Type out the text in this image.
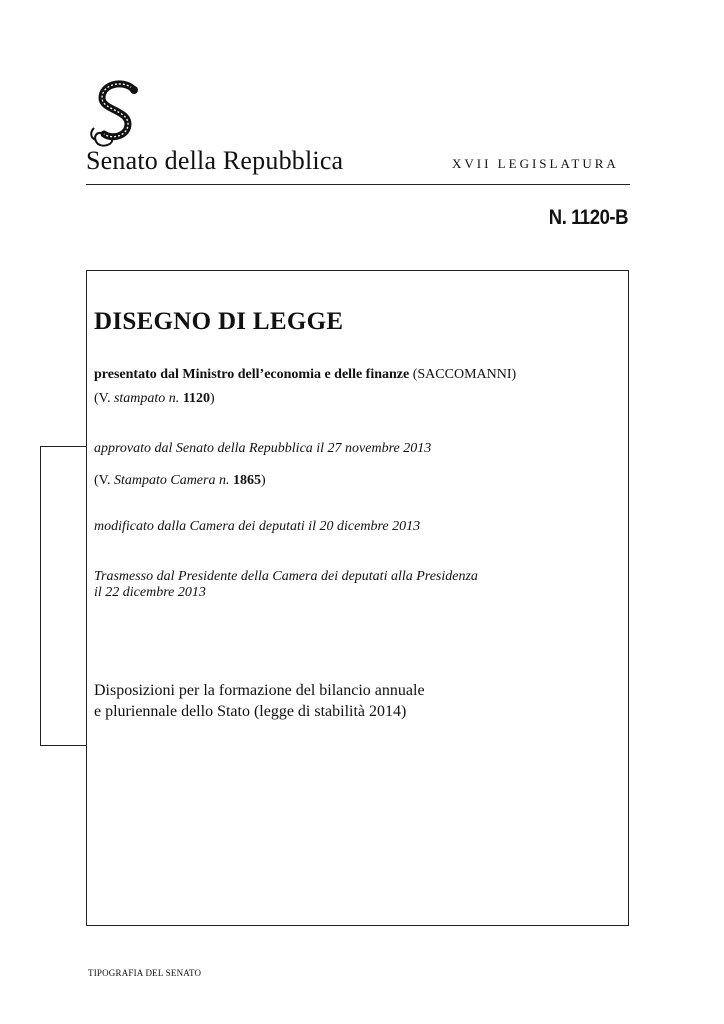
Senato della Repubblica	XVII LEGISLATURA
N. 1120-B
DISEGNO DI LEGGE
presentato dal Ministro dell’economia e delle finanze (SACCOMANNI)
(V. stampato n. 1120)
approvato dal Senato della Repubblica il 27 novembre 2013
(V. Stampato Camera n. 1865)
modificato dalla Camera dei deputati il 20 dicembre 2013
Trasmesso dal Presidente della Camera dei deputati alla Presidenza
il 22 dicembre 2013
Disposizioni per la formazione del bilancio annuale
e pluriennale dello Stato (legge di stabilità 2014)
TIPOGRAFIA DEL SENATO
